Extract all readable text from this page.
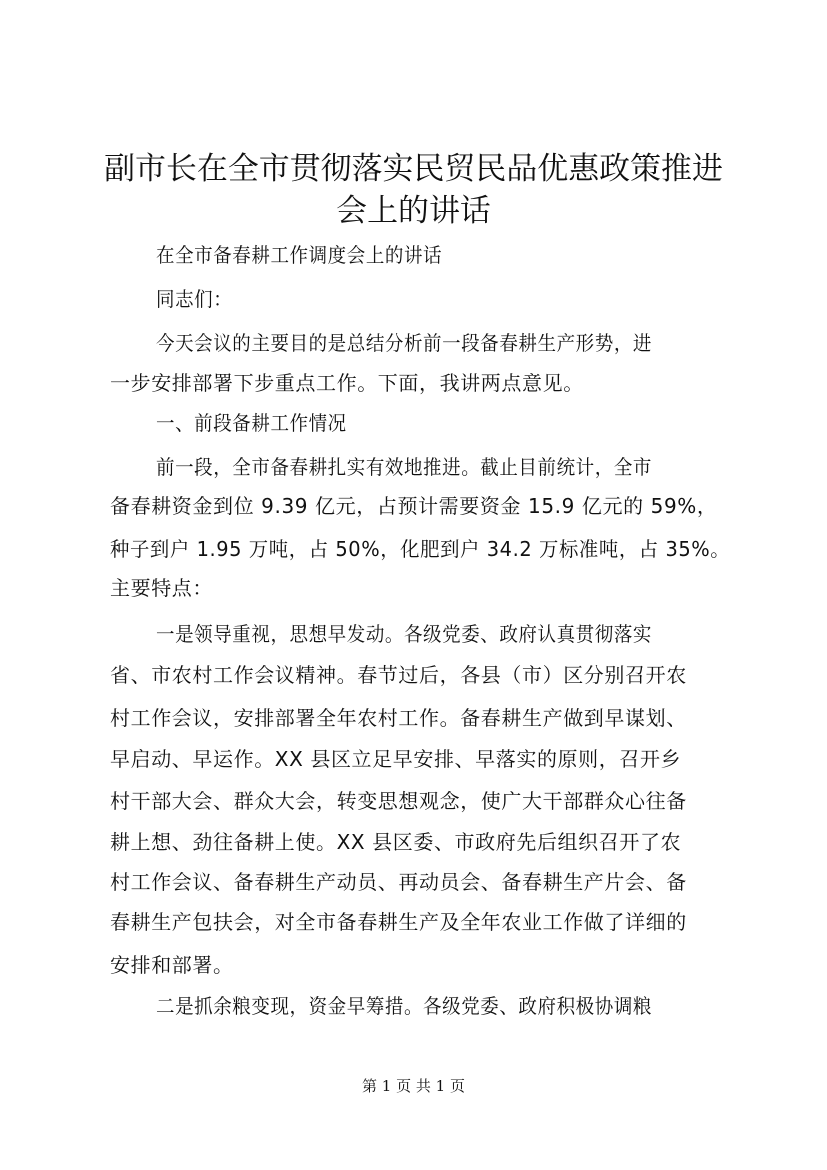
副市长在全市贯彻落实民贸民品优惠政策推进
会上的讲话
在全市备春耕工作调度会上的讲话
同志们：
今天会议的主要目的是总结分析前一段备春耕生产形势，进
一步安排部署下步重点工作。下面，我讲两点意见。
一、前段备耕工作情况
前一段，全市备春耕扎实有效地推进。截止目前统计，全市
备春耕资金到位 9.39 亿元，占预计需要资金 15.9 亿元的 59%，
种子到户 1.95 万吨，占 50%，化肥到户 34.2 万标准吨，占 35%。
主要特点：
一是领导重视，思想早发动。各级党委、政府认真贯彻落实
省、市农村工作会议精神。春节过后，各县（市）区分别召开农
村工作会议，安排部署全年农村工作。备春耕生产做到早谋划、
早启动、早运作。XX 县区立足早安排、早落实的原则，召开乡
村干部大会、群众大会，转变思想观念，使广大干部群众心往备
耕上想、劲往备耕上使。XX 县区委、市政府先后组织召开了农
村工作会议、备春耕生产动员、再动员会、备春耕生产片会、备
春耕生产包扶会，对全市备春耕生产及全年农业工作做了详细的
安排和部署。
二是抓余粮变现，资金早筹措。各级党委、政府积极协调粮
第 1 页 共 1 页
